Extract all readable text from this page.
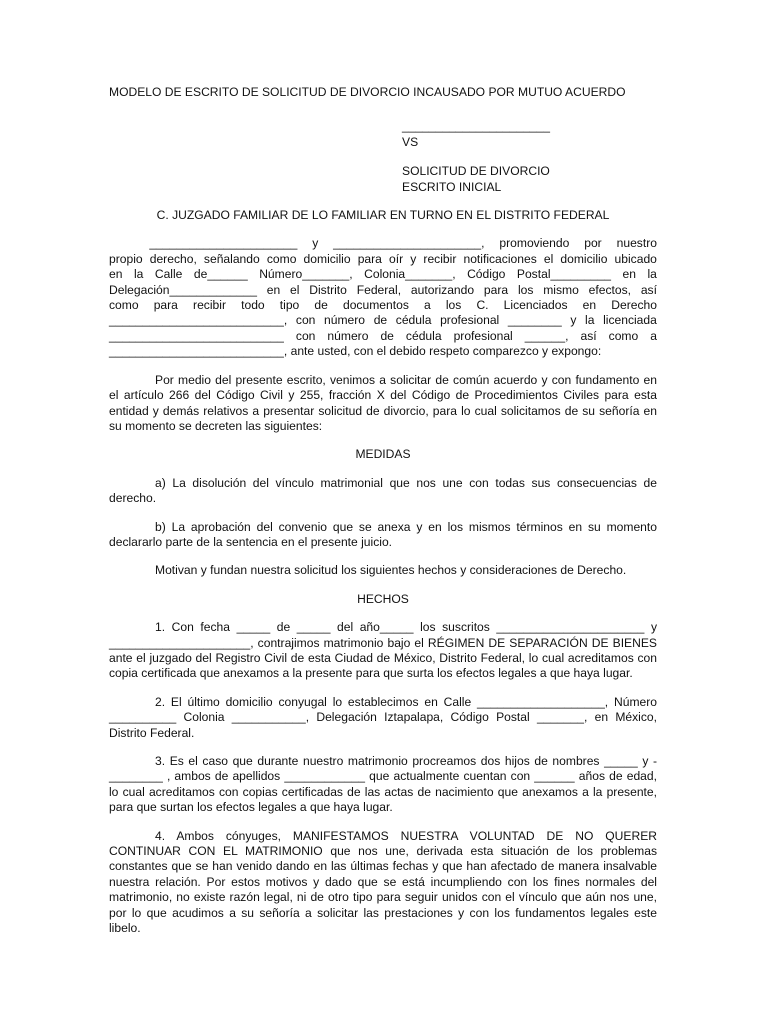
MODELO DE ESCRITO DE SOLICITUD DE DIVORCIO INCAUSADO POR MUTUO ACUERDO

______________________
VS
SOLICITUD DE DIVORCIO
ESCRITO INICIAL
C. JUZGADO FAMILIAR DE LO FAMILIAR EN TURNO EN EL DISTRITO FEDERAL
______________________ y ______________________, promoviendo por nuestro
propio derecho, señalando como domicilio para oír y recibir notificaciones el domicilio ubicado
en la Calle de______ Número_______, Colonia_______, Código Postal_________ en la
Delegación_____________ en el Distrito Federal, autorizando para los mismo efectos, así
como para recibir todo tipo de documentos a los C. Licenciados en Derecho
__________________________, con número de cédula profesional ________ y la licenciada
__________________________ con número de cédula profesional ______, así como a
__________________________, ante usted, con el debido respeto comparezco y expongo:

Por medio del presente escrito, venimos a solicitar de común acuerdo y con fundamento en el artículo 266 del Código Civil y 255, fracción X del Código de Procedimientos Civiles para esta entidad y demás relativos a presentar solicitud de divorcio, para lo cual solicitamos de su señoría en su momento se decreten las siguientes:

MEDIDAS

a) La disolución del vínculo matrimonial que nos une con todas sus consecuencias de derecho.

b) La aprobación del convenio que se anexa y en los mismos términos en su momento declararlo parte de la sentencia en el presente juicio.

Motivan y fundan nuestra solicitud los siguientes hechos y consideraciones de Derecho.

HECHOS

1. Con fecha _____ de _____ del año_____ los suscritos ______________________ y _____________________, contrajimos matrimonio bajo el RÉGIMEN DE SEPARACIÓN DE BIENES ante el juzgado del Registro Civil de esta Ciudad de México, Distrito Federal, lo cual acreditamos con copia certificada que anexamos a la presente para que surta los efectos legales a que haya lugar.

2. El último domicilio conyugal lo establecimos en Calle ___________________, Número __________ Colonia ___________, Delegación Iztapalapa, Código Postal _______, en México, Distrito Federal.

3. Es el caso que durante nuestro matrimonio procreamos dos hijos de nombres _____ y -________ , ambos de apellidos ____________ que actualmente cuentan con ______ años de edad, lo cual acreditamos con copias certificadas de las actas de nacimiento que anexamos a la presente, para que surtan los efectos legales a que haya lugar.

4. Ambos cónyuges, MANIFESTAMOS NUESTRA VOLUNTAD DE NO QUERER CONTINUAR CON EL MATRIMONIO que nos une, derivada esta situación de los problemas constantes que se han venido dando en las últimas fechas y que han afectado de manera insalvable nuestra relación. Por estos motivos y dado que se está incumpliendo con los fines normales del matrimonio, no existe razón legal, ni de otro tipo para seguir unidos con el vínculo que aún nos une, por lo que acudimos a su señoría a solicitar las prestaciones y con los fundamentos legales este libelo.
